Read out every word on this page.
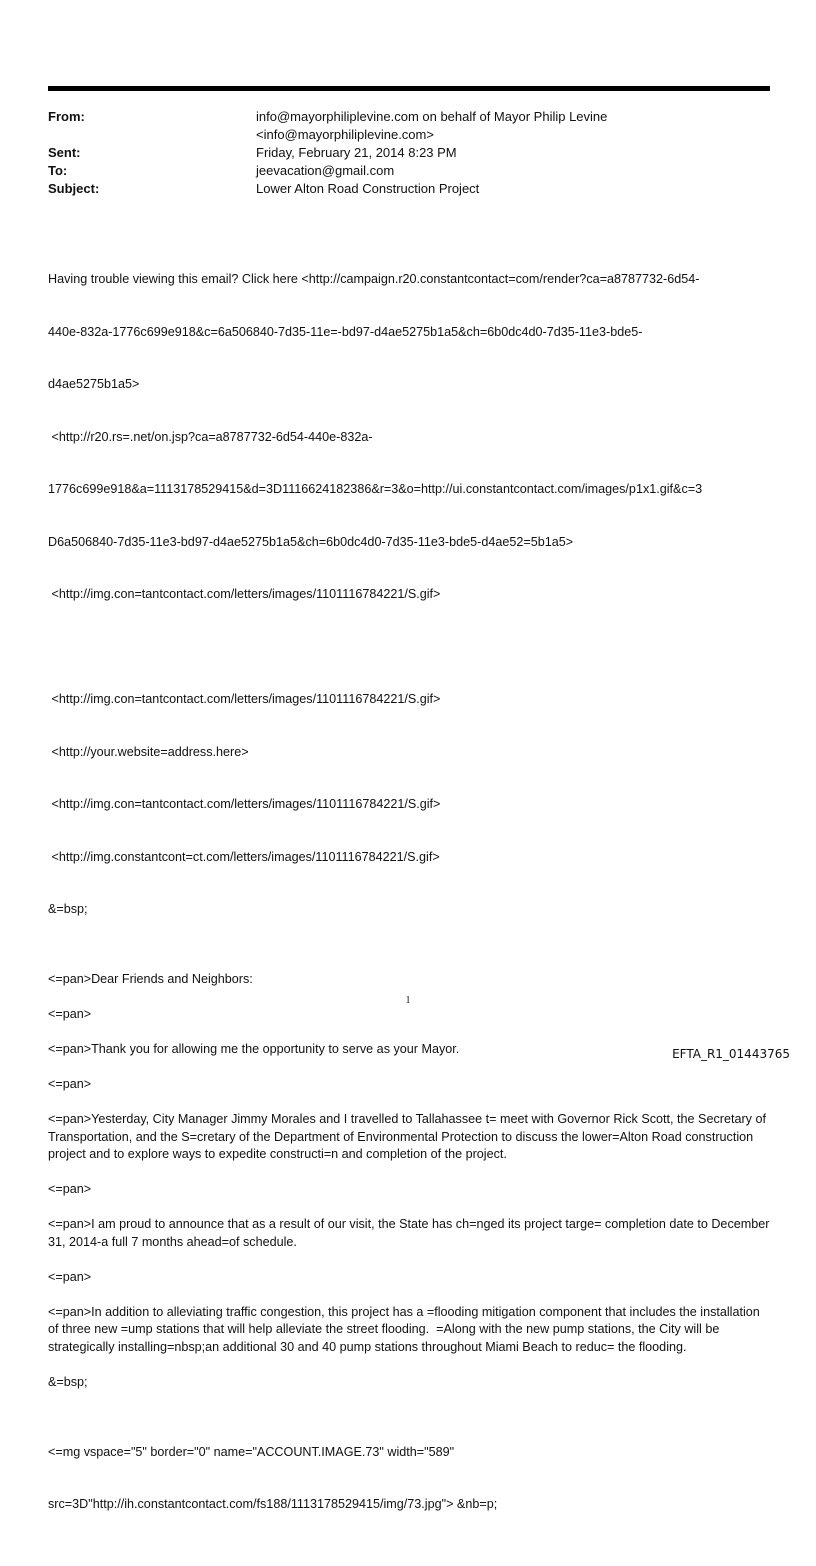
From:	info@mayorphiliplevine.com on behalf of Mayor Philip Levine
<info@mayorphiliplevine.com>
Sent:	Friday, February 21, 2014 8:23 PM
To:	jeevacation@gmail.com
Subject:	Lower Alton Road Construction Project

Having trouble viewing this email? Click here <http://campaign.r20.constantcontact=com/render?ca=a8787732-6d54-

440e-832a-1776c699e918&c=6a506840-7d35-11e=-bd97-d4ae5275b1a5&ch=6b0dc4d0-7d35-11e3-bde5-

d4ae5275b1a5>

<http://r20.rs=.net/on.jsp?ca=a8787732-6d54-440e-832a-

1776c699e918&a=1113178529415&d=3D1116624182386&r=3&o=http://ui.constantcontact.com/images/p1x1.gif&c=3

D6a506840-7d35-11e3-bd97-d4ae5275b1a5&ch=6b0dc4d0-7d35-11e3-bde5-d4ae52=5b1a5>

<http://img.con=tantcontact.com/letters/images/1101116784221/S.gif>

<http://img.con=tantcontact.com/letters/images/1101116784221/S.gif>

<http://your.website=address.here>

<http://img.con=tantcontact.com/letters/images/1101116784221/S.gif>

<http://img.constantcont=ct.com/letters/images/1101116784221/S.gif>

&=bsp;

<=pan>Dear Friends and Neighbors:

<=pan>

<=pan>Thank you for allowing me the opportunity to serve as your Mayor.

<=pan>

<=pan>Yesterday, City Manager Jimmy Morales and I travelled to Tallahassee t= meet with Governor Rick Scott, the Secretary of Transportation, and the S=cretary of the Department of Environmental Protection to discuss the lower=Alton Road construction project and to explore ways to expedite constructi=n and completion of the project.

<=pan>

<=pan>I am proud to announce that as a result of our visit, the State has ch=nged its project targe= completion date to December 31, 2014-a full 7 months ahead=of schedule.

<=pan>

<=pan>In addition to alleviating traffic congestion, this project has a =flooding mitigation component that includes the installation of three new =ump stations that will help alleviate the street flooding.  =Along with the new pump stations, the City will be strategically installing=nbsp;an additional 30 and 40 pump stations throughout Miami Beach to reduc= the flooding.

&=bsp;

<=mg vspace="5" border="0" name="ACCOUNT.IMAGE.73" width="589"

src=3D"http://ih.constantcontact.com/fs188/1113178529415/img/73.jpg"> &nb=p;

1
EFTA_R1_01443765
